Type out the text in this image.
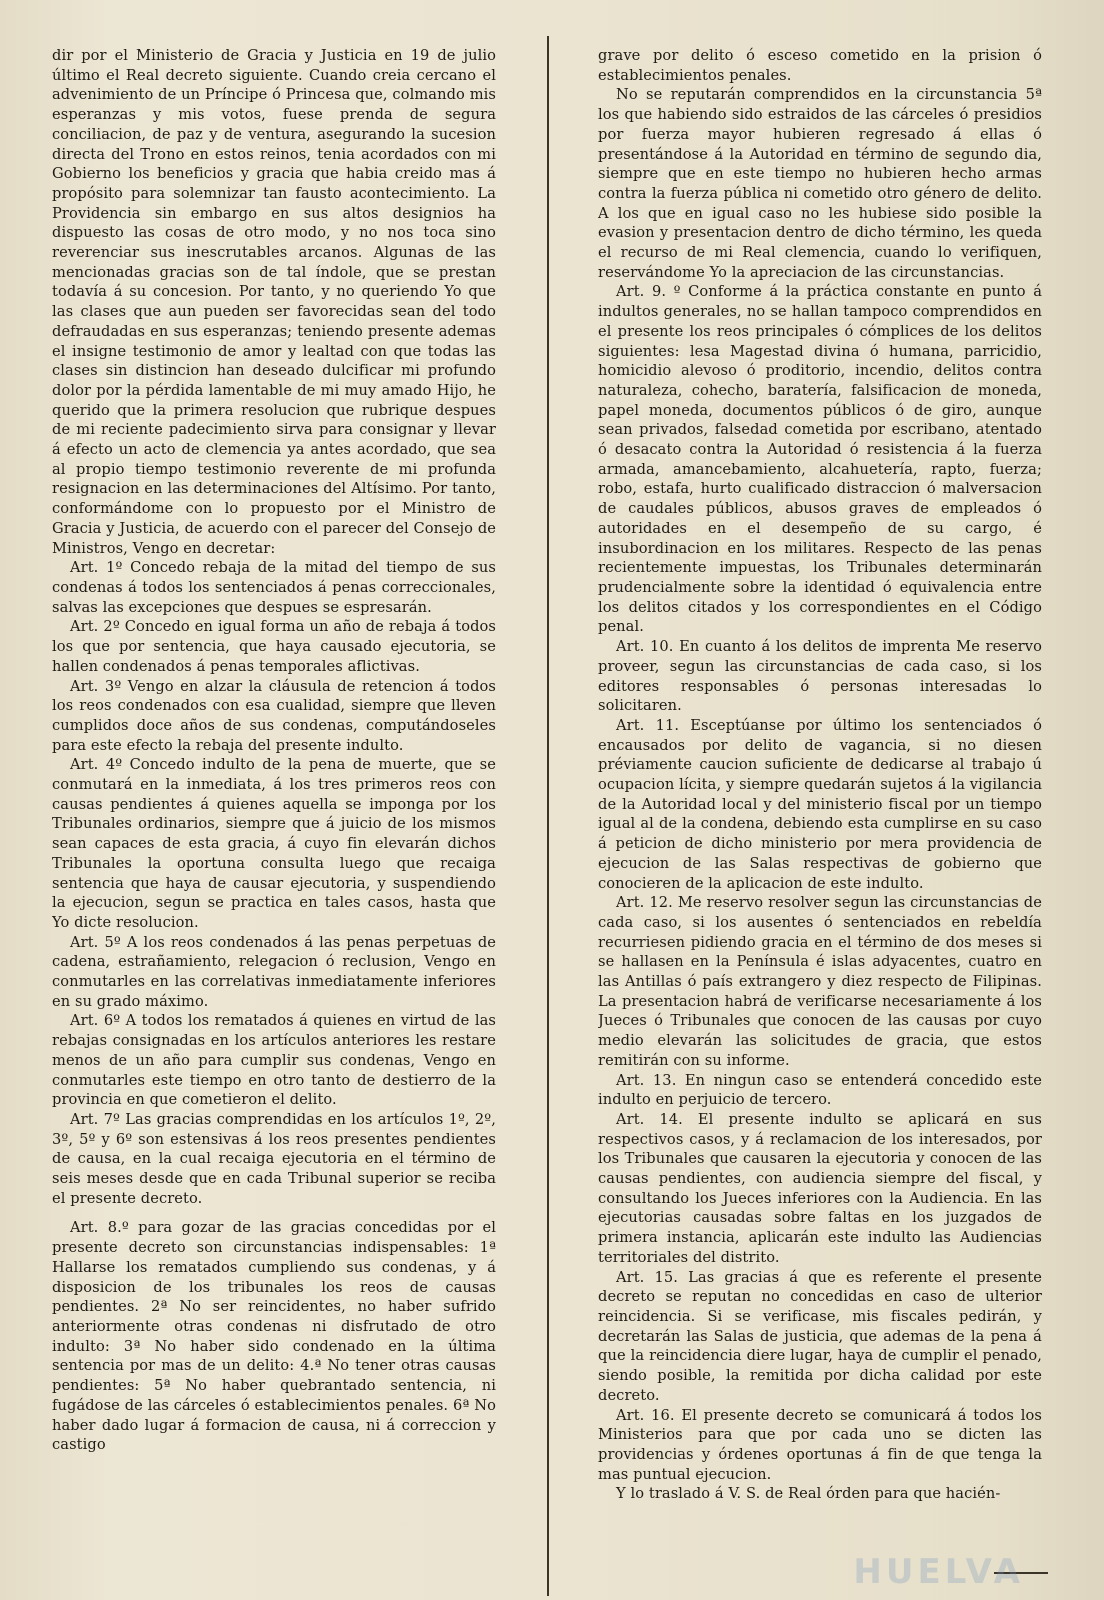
dir por el Ministerio de Gracia y Justicia en 19 de julio último el Real decreto siguiente. Cuando creia cercano el advenimiento de un Príncipe ó Princesa que, colmando mis esperanzas y mis votos, fuese prenda de segura conciliacion, de paz y de ventura, asegurando la sucesion directa del Trono en estos reinos, tenia acordados con mi Gobierno los beneficios y gracia que habia creido mas á propósito para solemnizar tan fausto acontecimiento. La Providencia sin embargo en sus altos designios ha dispuesto las cosas de otro modo, y no nos toca sino reverenciar sus inescrutables arcanos. Algunas de las mencionadas gracias son de tal índole, que se prestan todavía á su concesion. Por tanto, y no queriendo Yo que las clases que aun pueden ser favorecidas sean del todo defraudadas en sus esperanzas; teniendo presente ademas el insigne testimonio de amor y lealtad con que todas las clases sin distincion han deseado dulcificar mi profundo dolor por la pérdida lamentable de mi muy amado Hijo, he querido que la primera resolucion que rubrique despues de mi reciente padecimiento sirva para consignar y llevar á efecto un acto de clemencia ya antes acordado, que sea al propio tiempo testimonio reverente de mi profunda resignacion en las determinaciones del Altísimo. Por tanto, conformándome con lo propuesto por el Ministro de Gracia y Justicia, de acuerdo con el parecer del Consejo de Ministros, Vengo en decretar:

Art. 1º Concedo rebaja de la mitad del tiempo de sus condenas á todos los sentenciados á penas correccionales, salvas las excepciones que despues se espresarán.

Art. 2º Concedo en igual forma un año de rebaja á todos los que por sentencia, que haya causado ejecutoria, se hallen condenados á penas temporales aflictivas.

Art. 3º Vengo en alzar la cláusula de retencion á todos los reos condenados con esa cualidad, siempre que lleven cumplidos doce años de sus condenas, computándoseles para este efecto la rebaja del presente indulto.

Art. 4º Concedo indulto de la pena de muerte, que se conmutará en la inmediata, á los tres primeros reos con causas pendientes á quienes aquella se imponga por los Tribunales ordinarios, siempre que á juicio de los mismos sean capaces de esta gracia, á cuyo fin elevarán dichos Tribunales la oportuna consulta luego que recaiga sentencia que haya de causar ejecutoria, y suspendiendo la ejecucion, segun se practica en tales casos, hasta que Yo dicte resolucion.

Art. 5º A los reos condenados á las penas perpetuas de cadena, estrañamiento, relegacion ó reclusion, Vengo en conmutarles en las correlativas inmediatamente inferiores en su grado máximo.

Art. 6º A todos los rematados á quienes en virtud de las rebajas consignadas en los artículos anteriores les restare menos de un año para cumplir sus condenas, Vengo en conmutarles este tiempo en otro tanto de destierro de la provincia en que cometieron el delito.

Art. 7º Las gracias comprendidas en los artículos 1º, 2º, 3º, 5º y 6º son estensivas á los reos presentes pendientes de causa, en la cual recaiga ejecutoria en el término de seis meses desde que en cada Tribunal superior se reciba el presente decreto.

Art. 8.º para gozar de las gracias concedidas por el presente decreto son circunstancias indispensables: 1ª Hallarse los rematados cumpliendo sus condenas, y á disposicion de los tribunales los reos de causas pendientes. 2ª No ser reincidentes, no haber sufrido anteriormente otras condenas ni disfrutado de otro indulto: 3ª No haber sido condenado en la última sentencia por mas de un delito: 4.ª No tener otras causas pendientes: 5ª No haber quebrantado sentencia, ni fugádose de las cárceles ó establecimientos penales. 6ª No haber dado lugar á formacion de causa, ni á correccion y castigo

grave por delito ó esceso cometido en la prision ó establecimientos penales.

No se reputarán comprendidos en la circunstancia 5ª los que habiendo sido estraidos de las cárceles ó presidios por fuerza mayor hubieren regresado á ellas ó presentándose á la Autoridad en término de segundo dia, siempre que en este tiempo no hubieren hecho armas contra la fuerza pública ni cometido otro género de delito. A los que en igual caso no les hubiese sido posible la evasion y presentacion dentro de dicho término, les queda el recurso de mi Real clemencia, cuando lo verifiquen, reservándome Yo la apreciacion de las circunstancias.

Art. 9. º Conforme á la práctica constante en punto á indultos generales, no se hallan tampoco comprendidos en el presente los reos principales ó cómplices de los delitos siguientes: lesa Magestad divina ó humana, parricidio, homicidio alevoso ó proditorio, incendio, delitos contra naturaleza, cohecho, baratería, falsificacion de moneda, papel moneda, documentos públicos ó de giro, aunque sean privados, falsedad cometida por escribano, atentado ó desacato contra la Autoridad ó resistencia á la fuerza armada, amancebamiento, alcahuetería, rapto, fuerza; robo, estafa, hurto cualificado distraccion ó malversacion de caudales públicos, abusos graves de empleados ó autoridades en el desempeño de su cargo, é insubordinacion en los militares. Respecto de las penas recientemente impuestas, los Tribunales determinarán prudencialmente sobre la identidad ó equivalencia entre los delitos citados y los correspondientes en el Código penal.

Art. 10. En cuanto á los delitos de imprenta Me reservo proveer, segun las circunstancias de cada caso, si los editores responsables ó personas interesadas lo solicitaren.

Art. 11. Esceptúanse por último los sentenciados ó encausados por delito de vagancia, si no diesen préviamente caucion suficiente de dedicarse al trabajo ú ocupacion lícita, y siempre quedarán sujetos á la vigilancia de la Autoridad local y del ministerio fiscal por un tiempo igual al de la condena, debiendo esta cumplirse en su caso á peticion de dicho ministerio por mera providencia de ejecucion de las Salas respectivas de gobierno que conocieren de la aplicacion de este indulto.

Art. 12. Me reservo resolver segun las circunstancias de cada caso, si los ausentes ó sentenciados en rebeldía recurriesen pidiendo gracia en el término de dos meses si se hallasen en la Península é islas adyacentes, cuatro en las Antillas ó país extrangero y diez respecto de Filipinas. La presentacion habrá de verificarse necesariamente á los Jueces ó Tribunales que conocen de las causas por cuyo medio elevarán las solicitudes de gracia, que estos remitirán con su informe.

Art. 13. En ningun caso se entenderá concedido este indulto en perjuicio de tercero.

Art. 14. El presente indulto se aplicará en sus respectivos casos, y á reclamacion de los interesados, por los Tribunales que causaren la ejecutoria y conocen de las causas pendientes, con audiencia siempre del fiscal, y consultando los Jueces inferiores con la Audiencia. En las ejecutorias causadas sobre faltas en los juzgados de primera instancia, aplicarán este indulto las Audiencias territoriales del distrito.

Art. 15. Las gracias á que es referente el presente decreto se reputan no concedidas en caso de ulterior reincidencia. Si se verificase, mis fiscales pedirán, y decretarán las Salas de justicia, que ademas de la pena á que la reincidencia diere lugar, haya de cumplir el penado, siendo posible, la remitida por dicha calidad por este decreto.

Art. 16. El presente decreto se comunicará á todos los Ministerios para que por cada uno se dicten las providencias y órdenes oportunas á fin de que tenga la mas puntual ejecucion.

Y lo traslado á V. S. de Real órden para que hacién-

HUELVA
